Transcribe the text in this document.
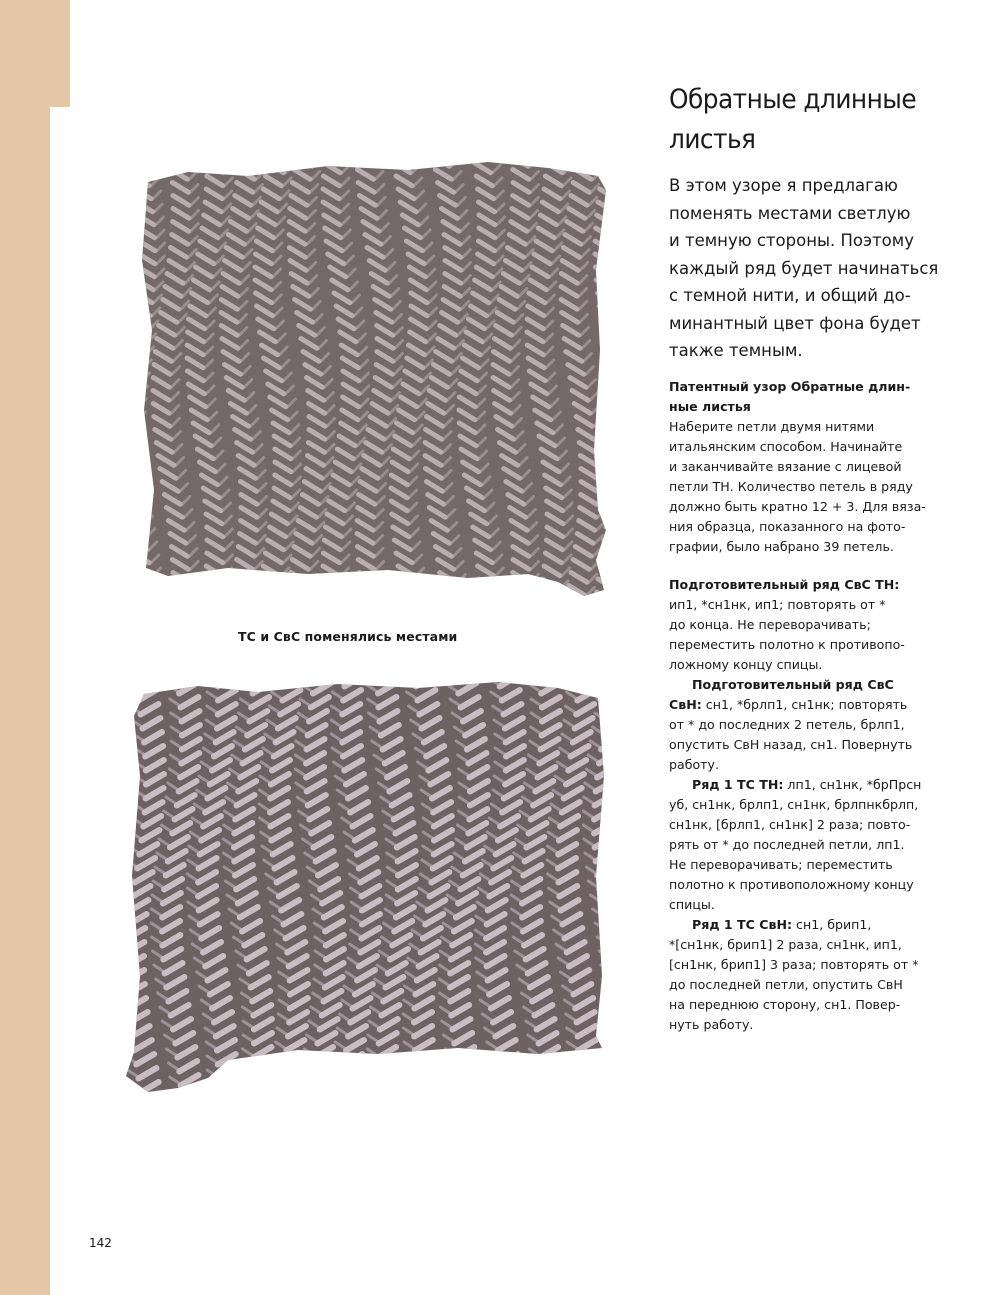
ТС и СвС поменялись местами
Обратные длинные
листья

В этом узоре я предлагаю

поменять местами светлую

и темную стороны. Поэтому

каждый ряд будет начинаться

с темной нити, и общий до-

минантный цвет фона будет

также темным.

Патентный узор Обратные длин-

ные листья

Наберите петли двумя нитями

итальянским способом. Начинайте

и заканчивайте вязание с лицевой

петли ТН. Количество петель в ряду

должно быть кратно 12 + 3. Для вяза-

ния образца, показанного на фото-

графии, было набрано 39 петель.

Подготовительный ряд СвС ТН:

ип1, *сн1нк, ип1; повторять от *

до конца. Не переворачивать;

переместить полотно к противопо-

ложному концу спицы.

Подготовительный ряд СвС

СвН: сн1, *брлп1, сн1нк; повторять

от * до последних 2 петель, брлп1,

опустить СвН назад, сн1. Повернуть

работу.

Ряд 1 ТС ТН: лп1, сн1нк, *брПрсн

уб, сн1нк, брлп1, сн1нк, брлпнкбрлп,

сн1нк, [брлп1, сн1нк] 2 раза; повто-

рять от * до последней петли, лп1.

Не переворачивать; переместить

полотно к противоположному концу

спицы.

Ряд 1 ТС СвН: сн1, брип1,

*[сн1нк, брип1] 2 раза, сн1нк, ип1,

[сн1нк, брип1] 3 раза; повторять от *

до последней петли, опустить СвН

на переднюю сторону, сн1. Повер-

нуть работу.

142
